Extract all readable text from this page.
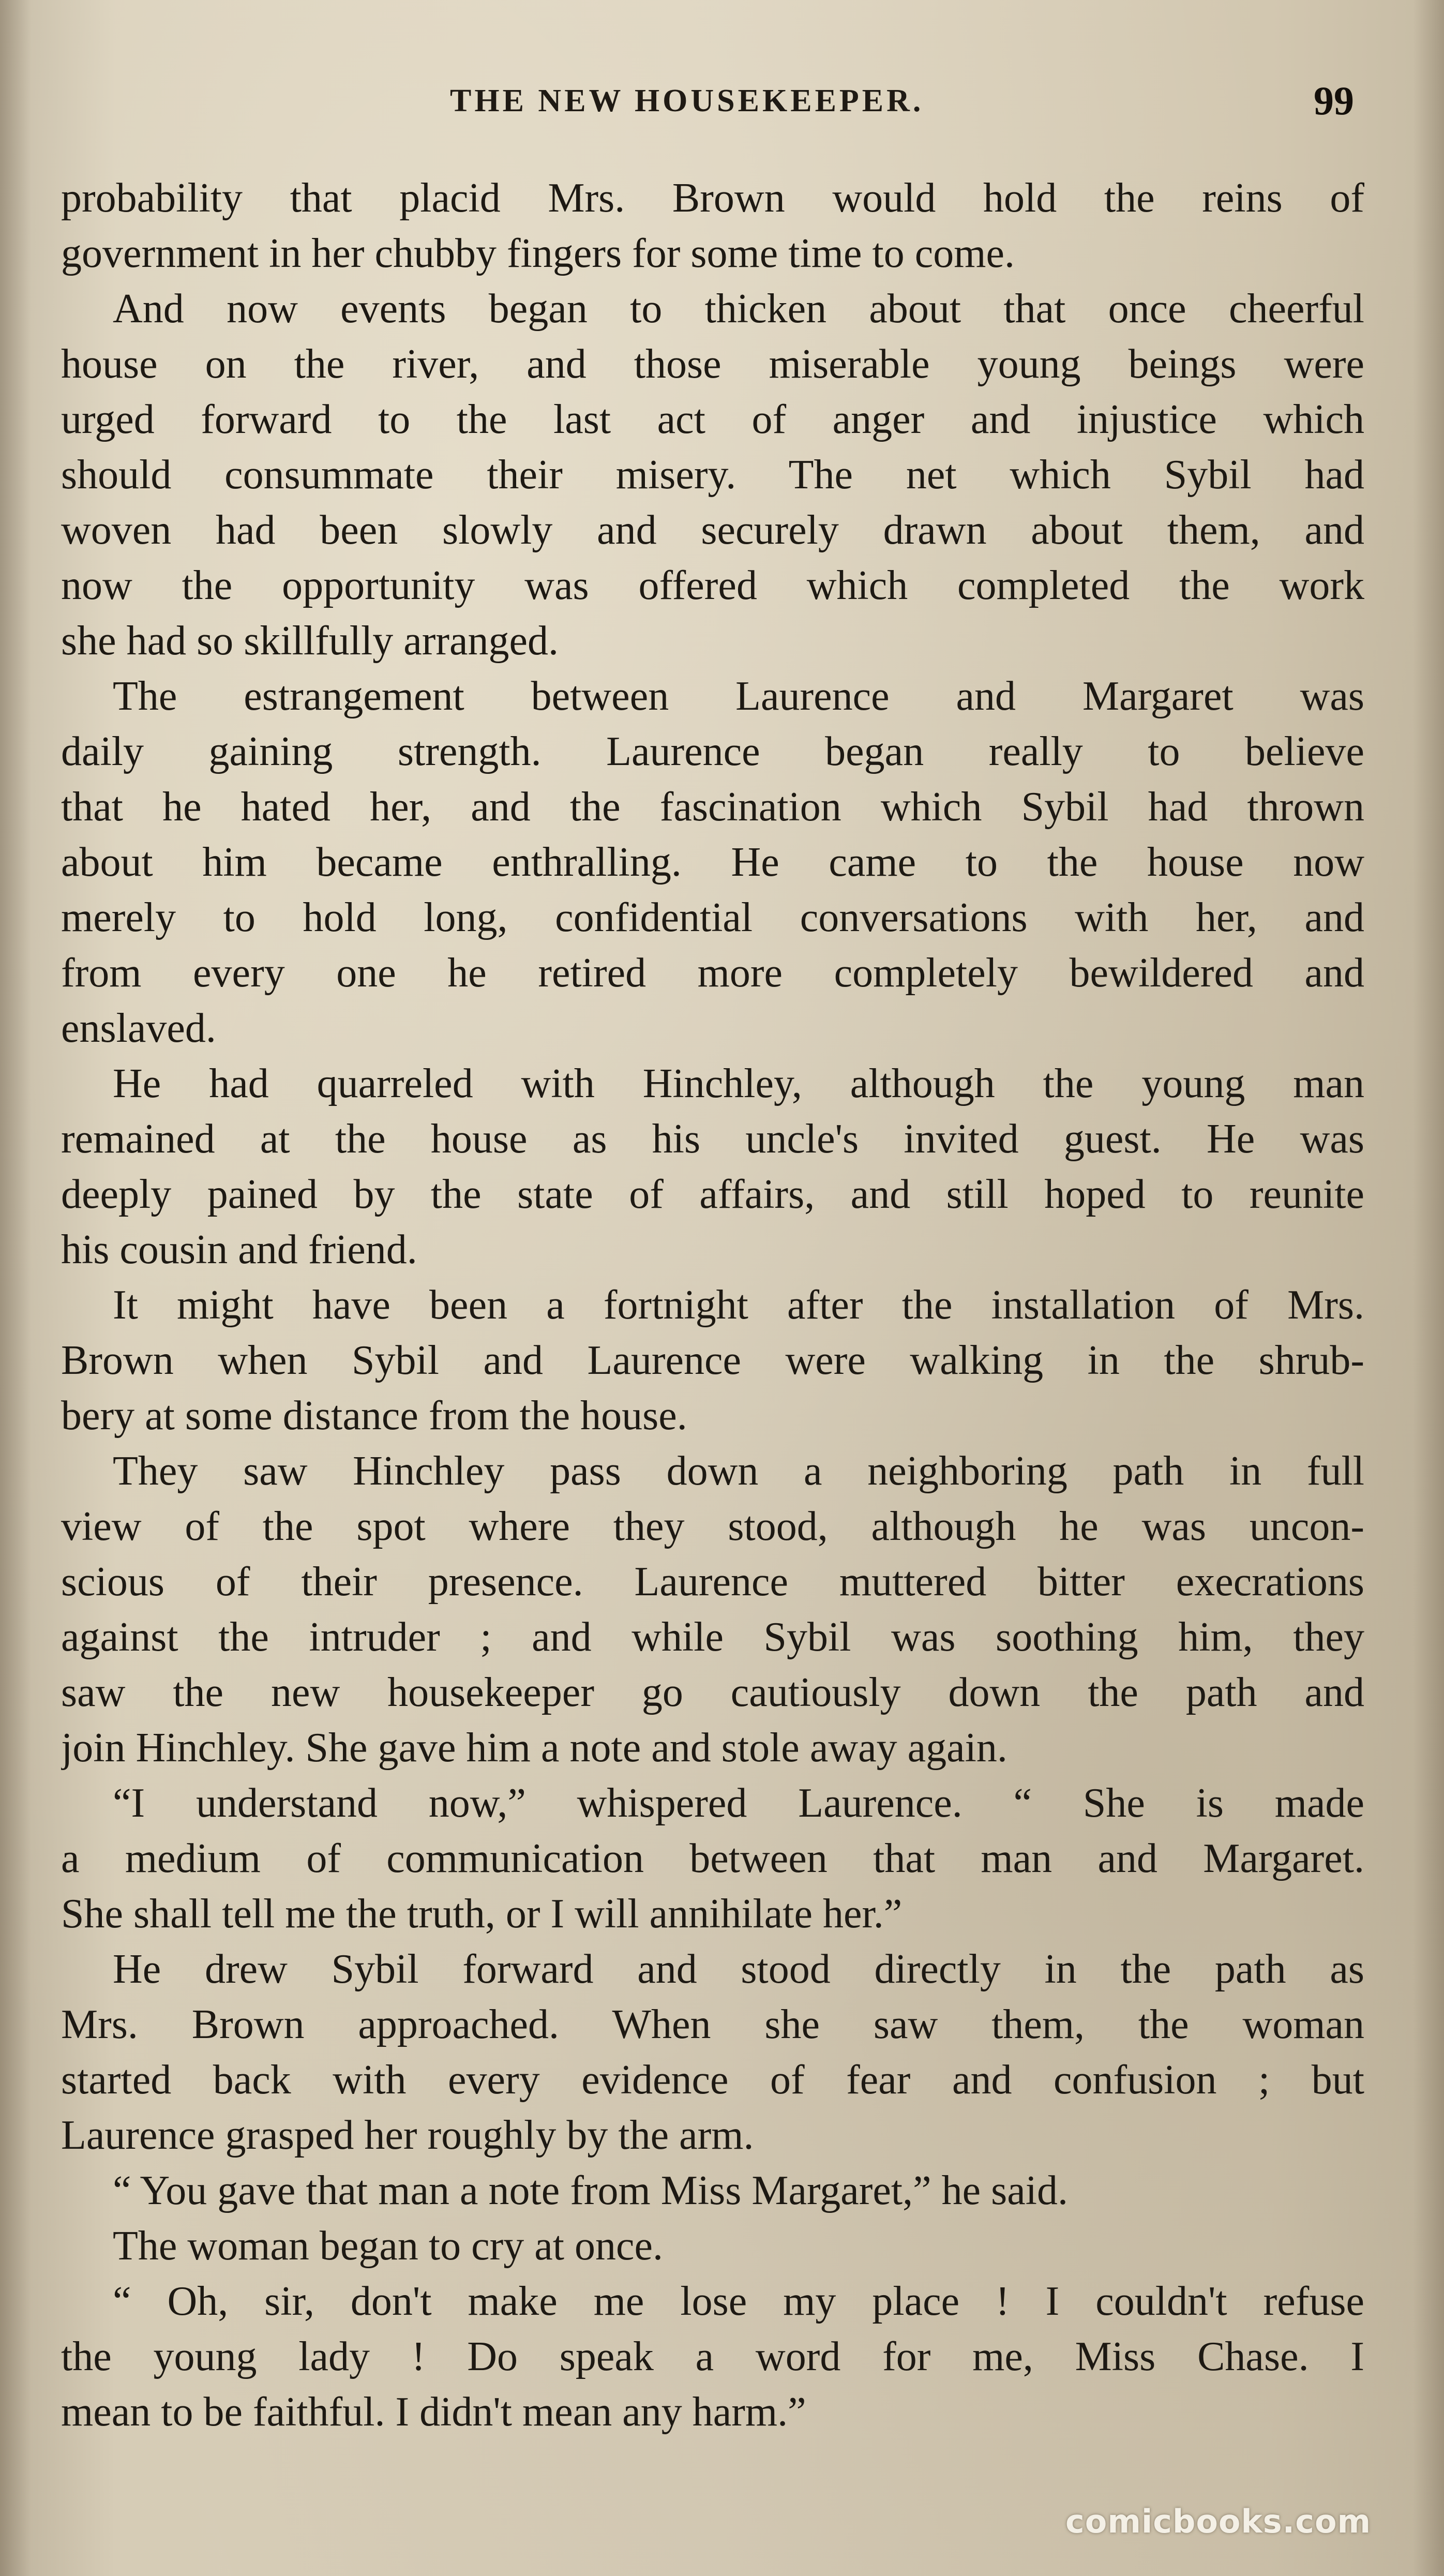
THE NEW HOUSEKEEPER.	99
probability that placid Mrs. Brown would hold the reins of
government in her chubby fingers for some time to come.
And now events began to thicken about that once cheerful
house on the river, and those miserable young beings were
urged forward to the last act of anger and injustice which
should consummate their misery. The net which Sybil had
woven had been slowly and securely drawn about them, and
now the opportunity was offered which completed the work
she had so skillfully arranged.
The estrangement between Laurence and Margaret was
daily gaining strength. Laurence began really to believe
that he hated her, and the fascination which Sybil had thrown
about him became enthralling. He came to the house now
merely to hold long, confidential conversations with her, and
from every one he retired more completely bewildered and
enslaved.
He had quarreled with Hinchley, although the young man
remained at the house as his uncle's invited guest. He was
deeply pained by the state of affairs, and still hoped to reunite
his cousin and friend.
It might have been a fortnight after the installation of Mrs.
Brown when Sybil and Laurence were walking in the shrub-
bery at some distance from the house.
They saw Hinchley pass down a neighboring path in full
view of the spot where they stood, although he was uncon-
scious of their presence. Laurence muttered bitter execrations
against the intruder ; and while Sybil was soothing him, they
saw the new housekeeper go cautiously down the path and
join Hinchley. She gave him a note and stole away again.
“I understand now,” whispered Laurence. “ She is made
a medium of communication between that man and Margaret.
She shall tell me the truth, or I will annihilate her.”
He drew Sybil forward and stood directly in the path as
Mrs. Brown approached. When she saw them, the woman
started back with every evidence of fear and confusion ; but
Laurence grasped her roughly by the arm.
“ You gave that man a note from Miss Margaret,” he said.
The woman began to cry at once.
“ Oh, sir, don't make me lose my place ! I couldn't refuse
the young lady ! Do speak a word for me, Miss Chase. I
mean to be faithful. I didn't mean any harm.”
comicbooks.com
